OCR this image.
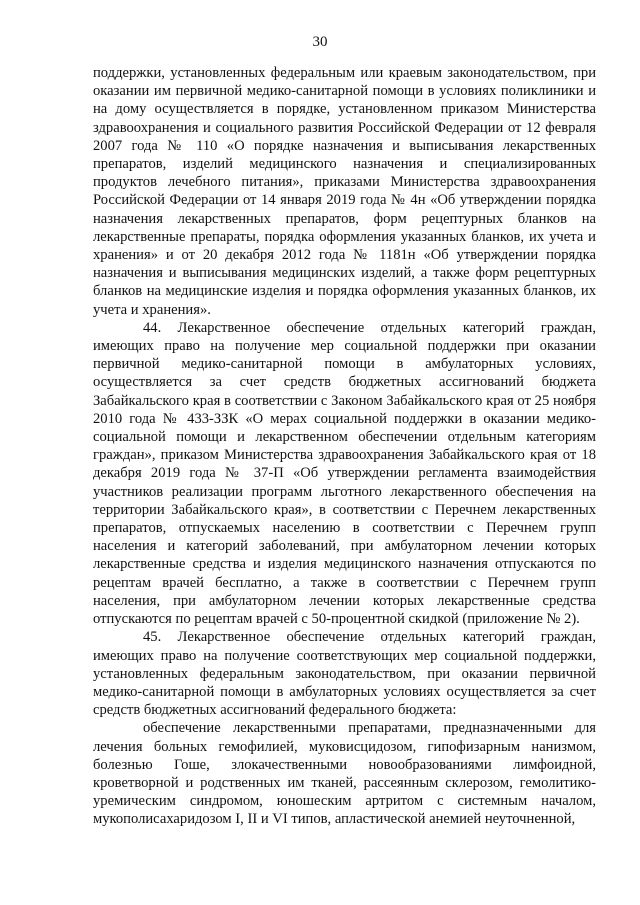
30

поддержки, установленных федеральным или краевым законодательством, при оказании им первичной медико-санитарной помощи в условиях поликлиники и на дому осуществляется в порядке, установленном приказом Министерства здравоохранения и социального развития Российской Федерации от 12 февраля 2007 года № 110 «О порядке назначения и выписывания лекарственных препаратов, изделий медицинского назначения и специализированных продуктов лечебного питания», приказами Министерства здравоохранения Российской Федерации от 14 января 2019 года № 4н «Об утверждении порядка назначения лекарственных препаратов, форм рецептурных бланков на лекарственные препараты, порядка оформления указанных бланков, их учета и хранения» и от 20 декабря 2012 года № 1181н «Об утверждении порядка назначения и выписывания медицинских изделий, а также форм рецептурных бланков на медицинские изделия и порядка оформления указанных бланков, их учета и хранения».

44. Лекарственное обеспечение отдельных категорий граждан, имеющих право на получение мер социальной поддержки при оказании первичной медико-санитарной помощи в амбулаторных условиях, осуществляется за счет средств бюджетных ассигнований бюджета Забайкальского края в соответствии с Законом Забайкальского края от 25 ноября 2010 года № 433-ЗЗК «О мерах социальной поддержки в оказании медико-социальной помощи и лекарственном обеспечении отдельным категориям граждан», приказом Министерства здравоохранения Забайкальского края от 18 декабря 2019 года № 37-П «Об утверждении регламента взаимодействия участников реализации программ льготного лекарственного обеспечения на территории Забайкальского края», в соответствии с Перечнем лекарственных препаратов, отпускаемых населению в соответствии с Перечнем групп населения и категорий заболеваний, при амбулаторном лечении которых лекарственные средства и изделия медицинского назначения отпускаются по рецептам врачей бесплатно, а также в соответствии с Перечнем групп населения, при амбулаторном лечении которых лекарственные средства отпускаются по рецептам врачей с 50-процентной скидкой (приложение № 2).

45. Лекарственное обеспечение отдельных категорий граждан, имеющих право на получение соответствующих мер социальной поддержки, установленных федеральным законодательством, при оказании первичной медико-санитарной помощи в амбулаторных условиях осуществляется за счет средств бюджетных ассигнований федерального бюджета:

обеспечение лекарственными препаратами, предназначенными для лечения больных гемофилией, муковисцидозом, гипофизарным нанизмом, болезнью Гоше, злокачественными новообразованиями лимфоидной, кроветворной и родственных им тканей, рассеянным склерозом, гемолитико-уремическим синдромом, юношеским артритом с системным началом, мукополисахаридозом I, II и VI типов, апластической анемией неуточненной,
